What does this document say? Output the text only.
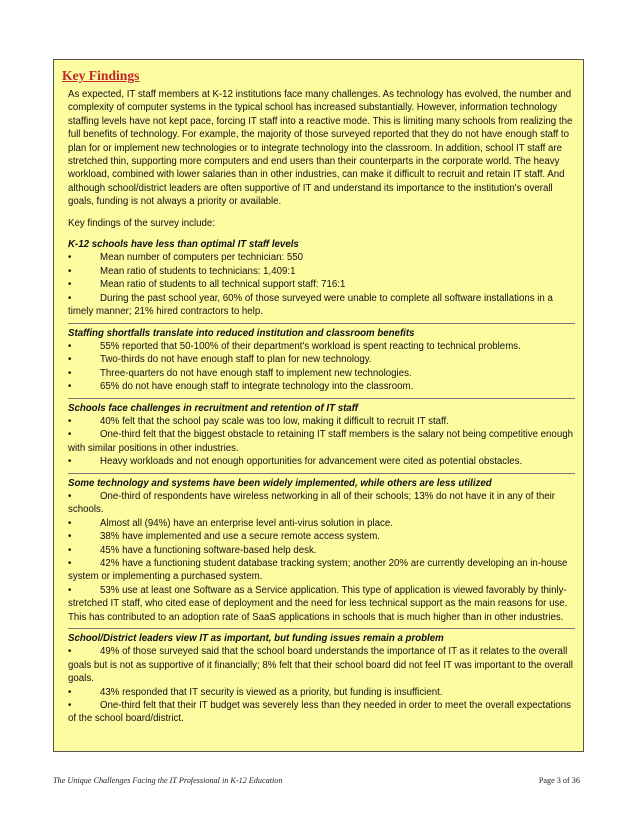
Key Findings

As expected, IT staff members at K-12 institutions face many challenges. As technology has evolved, the number and complexity of computer systems in the typical school has increased substantially. However, information technology staffing levels have not kept pace, forcing IT staff into a reactive mode. This is limiting many schools from realizing the full benefits of technology. For example, the majority of those surveyed reported that they do not have enough staff to plan for or implement new technologies or to integrate technology into the classroom. In addition, school IT staff are stretched thin, supporting more computers and end users than their counterparts in the corporate world. The heavy workload, combined with lower salaries than in other industries, can make it difficult to recruit and retain IT staff. And although school/district leaders are often supportive of IT and understand its importance to the institution's overall goals, funding is not always a priority or available.

Key findings of the survey include:

K-12 schools have less than optimal IT staff levels
•	Mean number of computers per technician: 550
•	Mean ratio of students to technicians: 1,409:1
•	Mean ratio of students to all technical support staff: 716:1
•	During the past school year, 60% of those surveyed were unable to complete all software installations in a timely manner; 21% hired contractors to help.
Staffing shortfalls translate into reduced institution and classroom benefits
•	55% reported that 50-100% of their department's workload is spent reacting to technical problems.
•	Two-thirds do not have enough staff to plan for new technology.
•	Three-quarters do not have enough staff to implement new technologies.
•	65% do not have enough staff to integrate technology into the classroom.
Schools face challenges in recruitment and retention of IT staff
•	40% felt that the school pay scale was too low, making it difficult to recruit IT staff.
•	One-third felt that the biggest obstacle to retaining IT staff members is the salary not being competitive enough with similar positions in other industries.
•	Heavy workloads and not enough opportunities for advancement were cited as potential obstacles.
Some technology and systems have been widely implemented, while others are less utilized
•	One-third of respondents have wireless networking in all of their schools; 13% do not have it in any of their schools.
•	Almost all (94%) have an enterprise level anti-virus solution in place.
•	38% have implemented and use a secure remote access system.
•	45% have a functioning software-based help desk.
•	42% have a functioning student database tracking system; another 20% are currently developing an in-house system or implementing a purchased system.
•	53% use at least one Software as a Service application. This type of application is viewed favorably by thinly-stretched IT staff, who cited ease of deployment and the need for less technical support as the main reasons for use. This has contributed to an adoption rate of SaaS applications in schools that is much higher than in other industries.
School/District leaders view IT as important, but funding issues remain a problem
•	49% of those surveyed said that the school board understands the importance of IT as it relates to the overall goals but is not as supportive of it financially; 8% felt that their school board did not feel IT was important to the overall goals.
•	43% responded that IT security is viewed as a priority, but funding is insufficient.
•	One-third felt that their IT budget was severely less than they needed in order to meet the overall expectations of the school board/district.
The Unique Challenges Facing the IT Professional in K-12 Education	Page 3 of 36
